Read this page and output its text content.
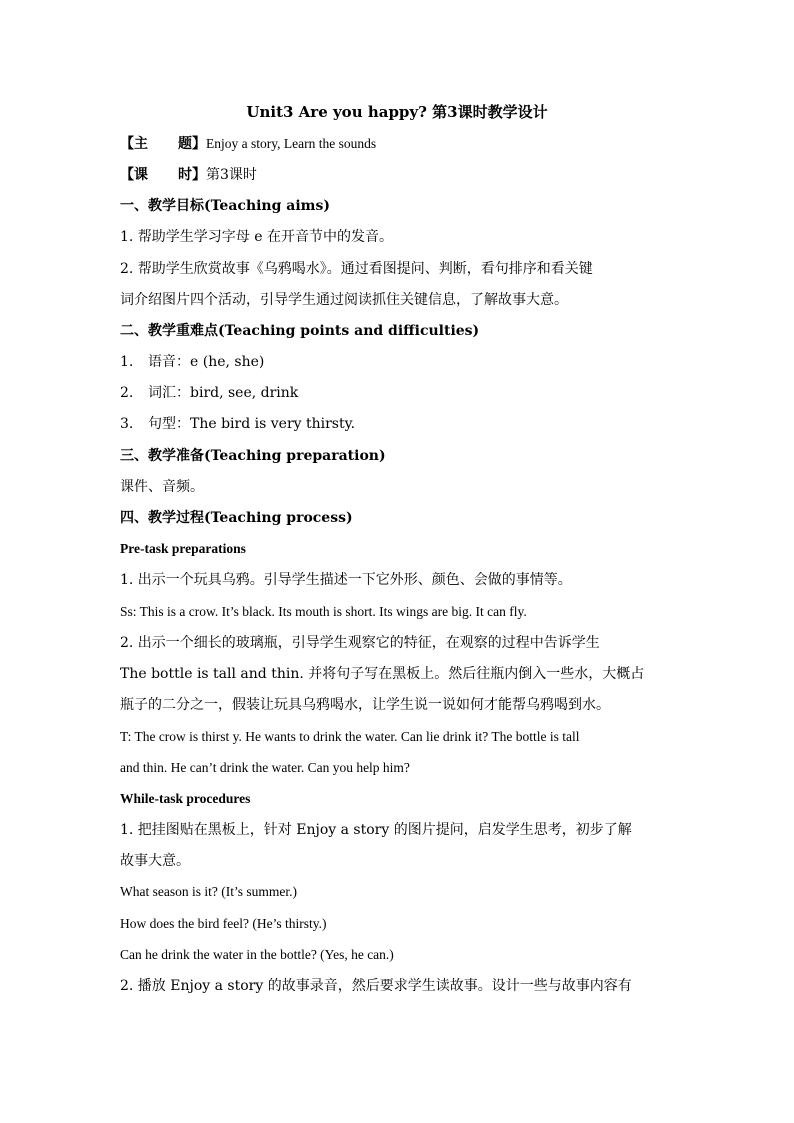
Unit3 Are you happy? 第3课时教学设计
【主 题】Enjoy a story, Learn the sounds
【课 时】第3课时
一、教学目标(Teaching aims)
1. 帮助学生学习字母 e 在开音节中的发音。
2. 帮助学生欣赏故事《乌鸦喝水》。通过看图提问、判断，看句排序和看关键
词介绍图片四个活动，引导学生通过阅读抓住关键信息，了解故事大意。
二、教学重难点(Teaching points and difficulties)
1. 语音：e (he, she)
2. 词汇：bird, see, drink
3. 句型：The bird is very thirsty.
三、教学准备(Teaching preparation)
课件、音频。
四、教学过程(Teaching process)
Pre-task preparations
1. 出示一个玩具乌鸦。引导学生描述一下它外形、颜色、会做的事情等。
Ss: This is a crow. It’s black. Its mouth is short. Its wings are big. It can fly.
2. 出示一个细长的玻璃瓶，引导学生观察它的特征，在观察的过程中告诉学生
The bottle is tall and thin. 并将句子写在黑板上。然后往瓶内倒入一些水，大概占
瓶子的二分之一，假装让玩具乌鸦喝水，让学生说一说如何才能帮乌鸦喝到水。
T: The crow is thirst y. He wants to drink the water. Can lie drink it? The bottle is tall
and thin. He can’t drink the water. Can you help him?
While-task procedures
1. 把挂图贴在黑板上，针对 Enjoy a story 的图片提问，启发学生思考，初步了解
故事大意。
What season is it? (It’s summer.)
How does the bird feel? (He’s thirsty.)
Can he drink the water in the bottle? (Yes, he can.)
2. 播放 Enjoy a story 的故事录音，然后要求学生读故事。设计一些与故事内容有
